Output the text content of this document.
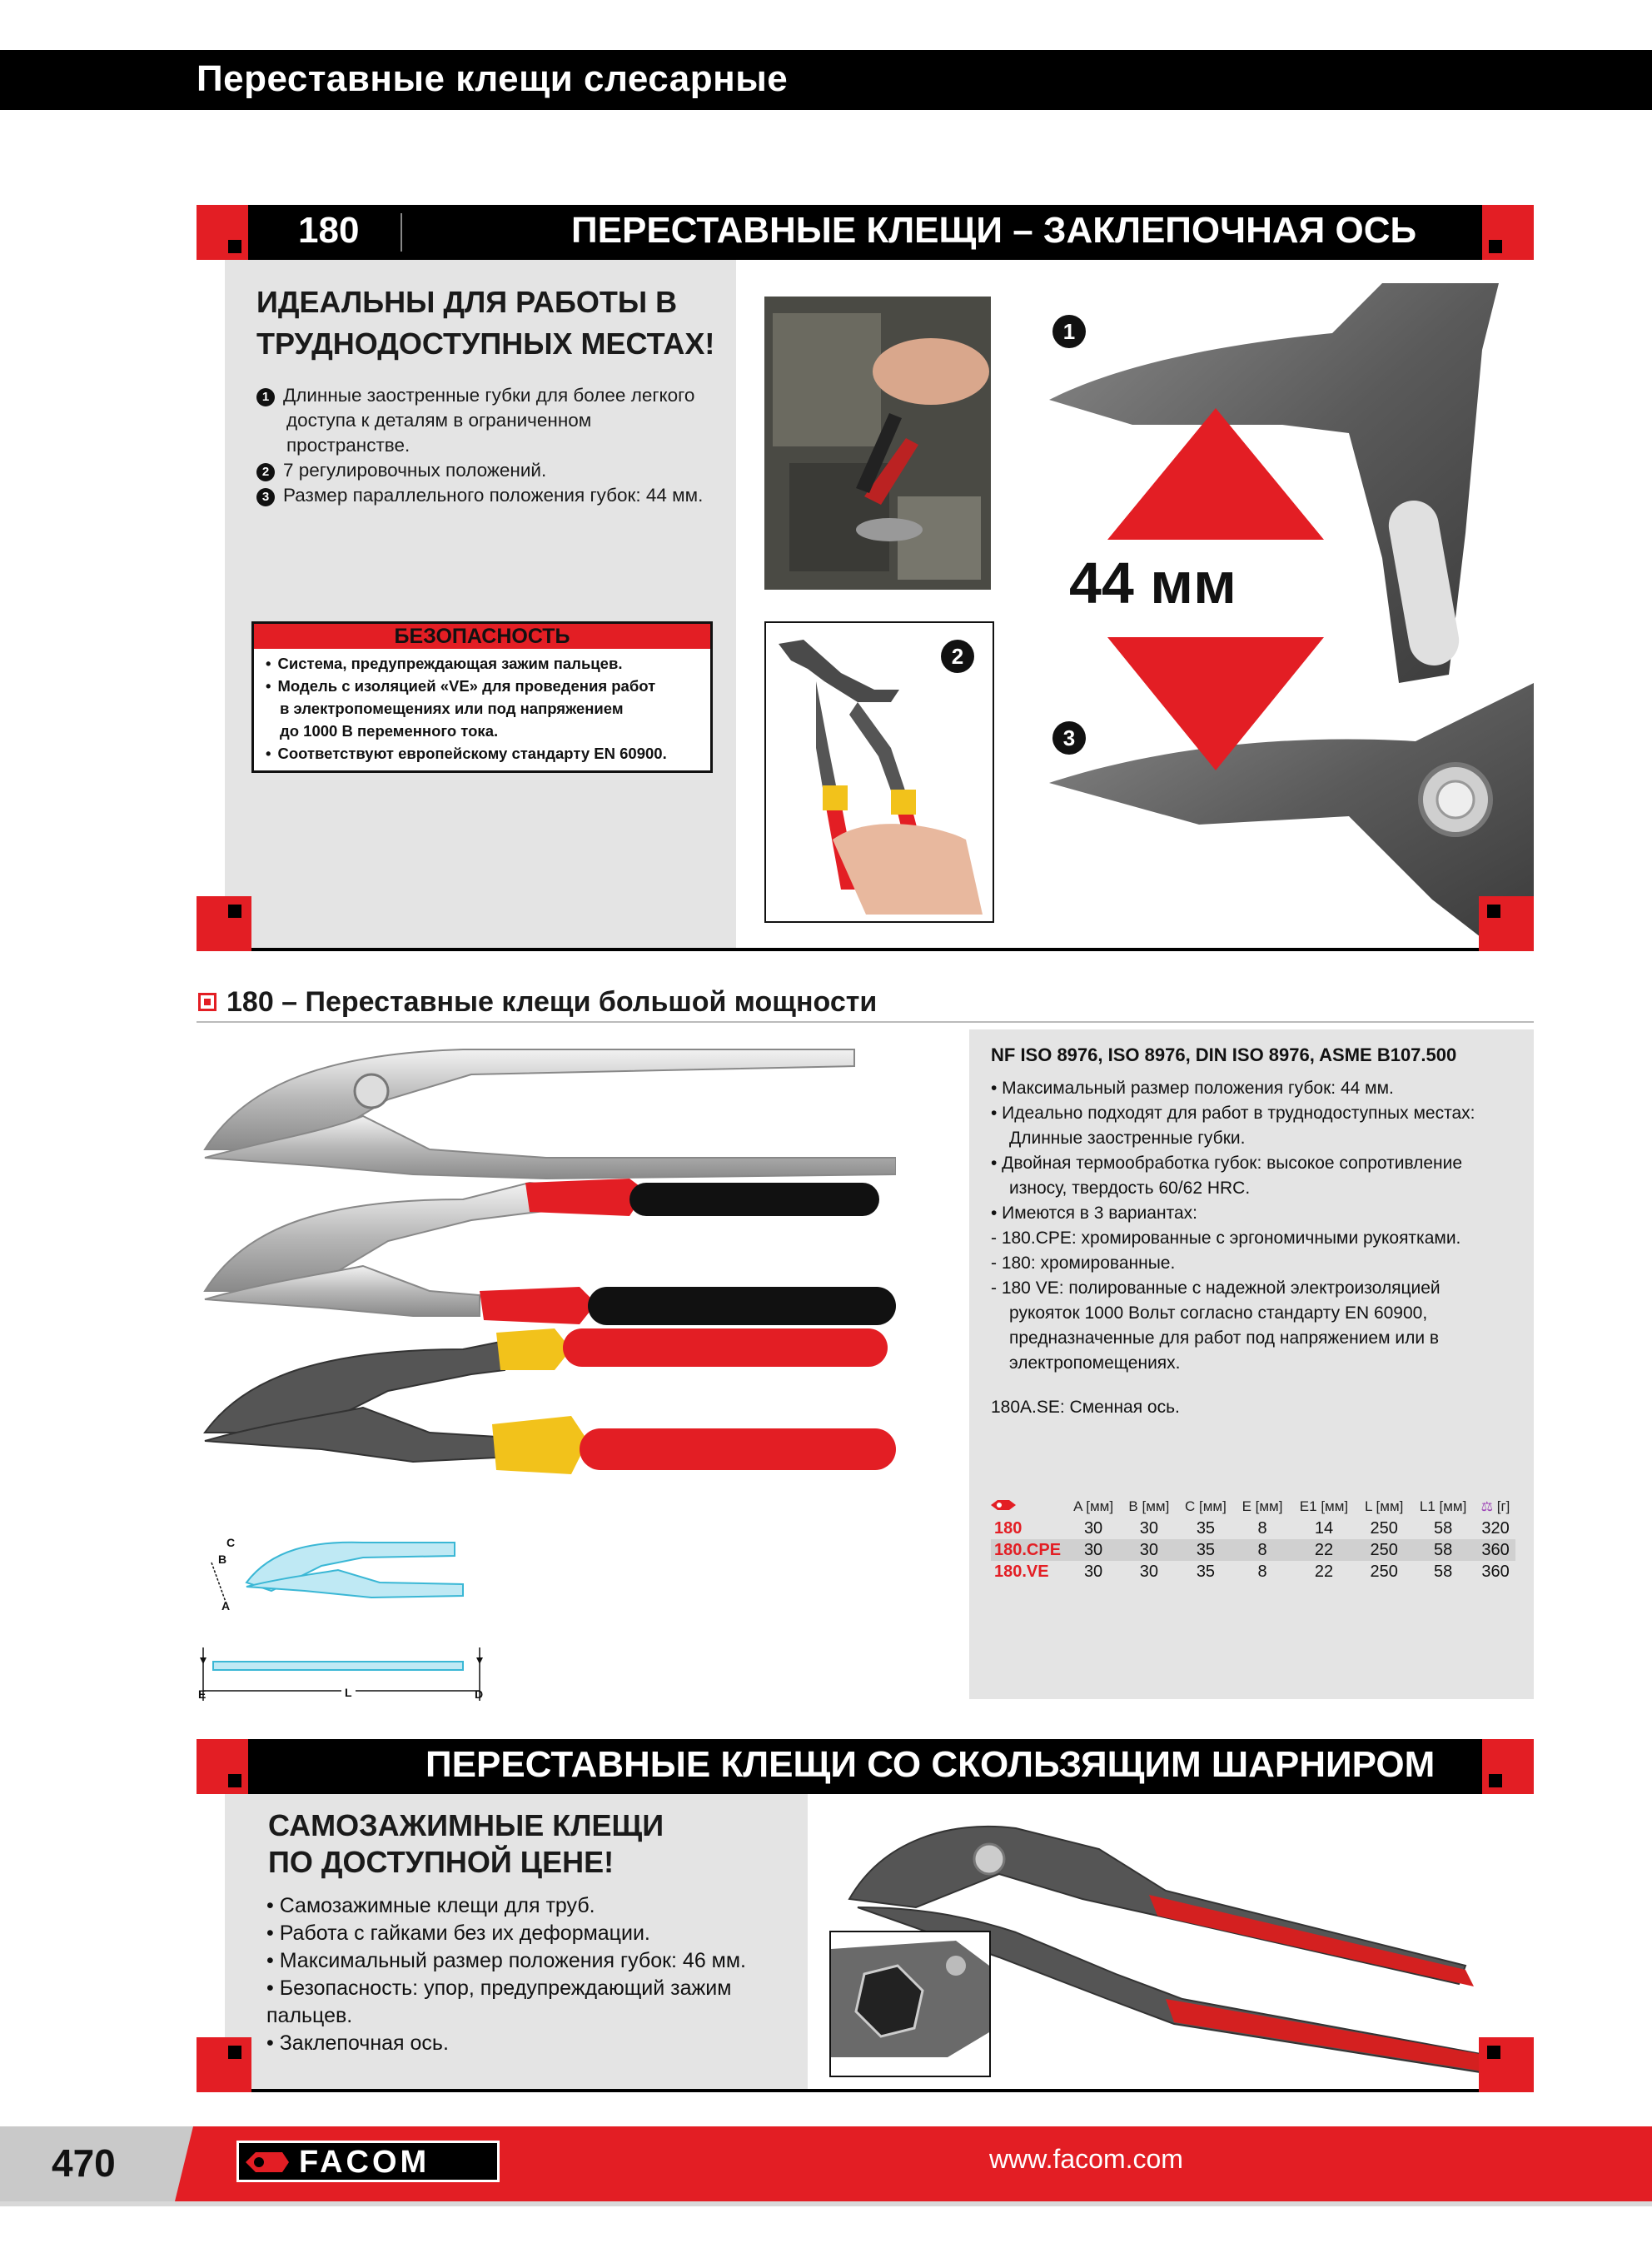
Переставные клещи слесарные
180	ПЕРЕСТАВНЫЕ КЛЕЩИ – ЗАКЛЕПОЧНАЯ ОСЬ
ИДЕАЛЬНЫ ДЛЯ РАБОТЫ В
ТРУДНОДОСТУПНЫХ МЕСТАХ!
1 Длинные заостренные губки для более легкого
доступа к деталям в ограниченном
пространстве.
2 7 регулировочных положений.
3 Размер параллельного положения губок: 44 мм.
БЕЗОПАСНОСТЬ
• Система, предупреждающая зажим пальцев.
• Модель с изоляцией «VE» для проведения работ
в электропомещениях или под напряжением
до 1000 В переменного тока.
• Соответствуют европейскому стандарту EN 60900.
2
1
3
44 мм
180 – Переставные клещи большой мощности
C
B
A
E	L	D
NF ISO 8976, ISO 8976, DIN ISO 8976, ASME B107.500
• Максимальный размер положения губок: 44 мм.
• Идеально подходят для работ в труднодоступных местах:
Длинные заостренные губки.
• Двойная термообработка губок: высокое сопротивление
износу, твердость 60/62 HRC.
• Имеются в 3 вариантах:
- 180.CPE: хромированные с эргономичными рукоятками.
- 180: хромированные.
- 180 VE: полированные с надежной электроизоляцией
рукояток 1000 Вольт согласно стандарту EN 60900,
предназначенные для работ под напряжением или в
электропомещениях.
180A.SE: Сменная ось.
	A [мм]	B [мм]	C [мм]	E [мм]	E1 [мм]	L [мм]	L1 [мм]	⚖ [г]
180	30	30	35	8	14	250	58	320
180.CPE	30	30	35	8	22	250	58	360
180.VE	30	30	35	8	22	250	58	360
ПЕРЕСТАВНЫЕ КЛЕЩИ СО СКОЛЬЗЯЩИМ ШАРНИРОМ
САМОЗАЖИМНЫЕ КЛЕЩИ
ПО ДОСТУПНОЙ ЦЕНЕ!
• Самозажимные клещи для труб.
• Работа с гайками без их деформации.
• Максимальный размер положения губок: 46 мм.
• Безопасность: упор, предупреждающий зажим пальцев.
• Заклепочная ось.
470	FACOM	www.facom.com
